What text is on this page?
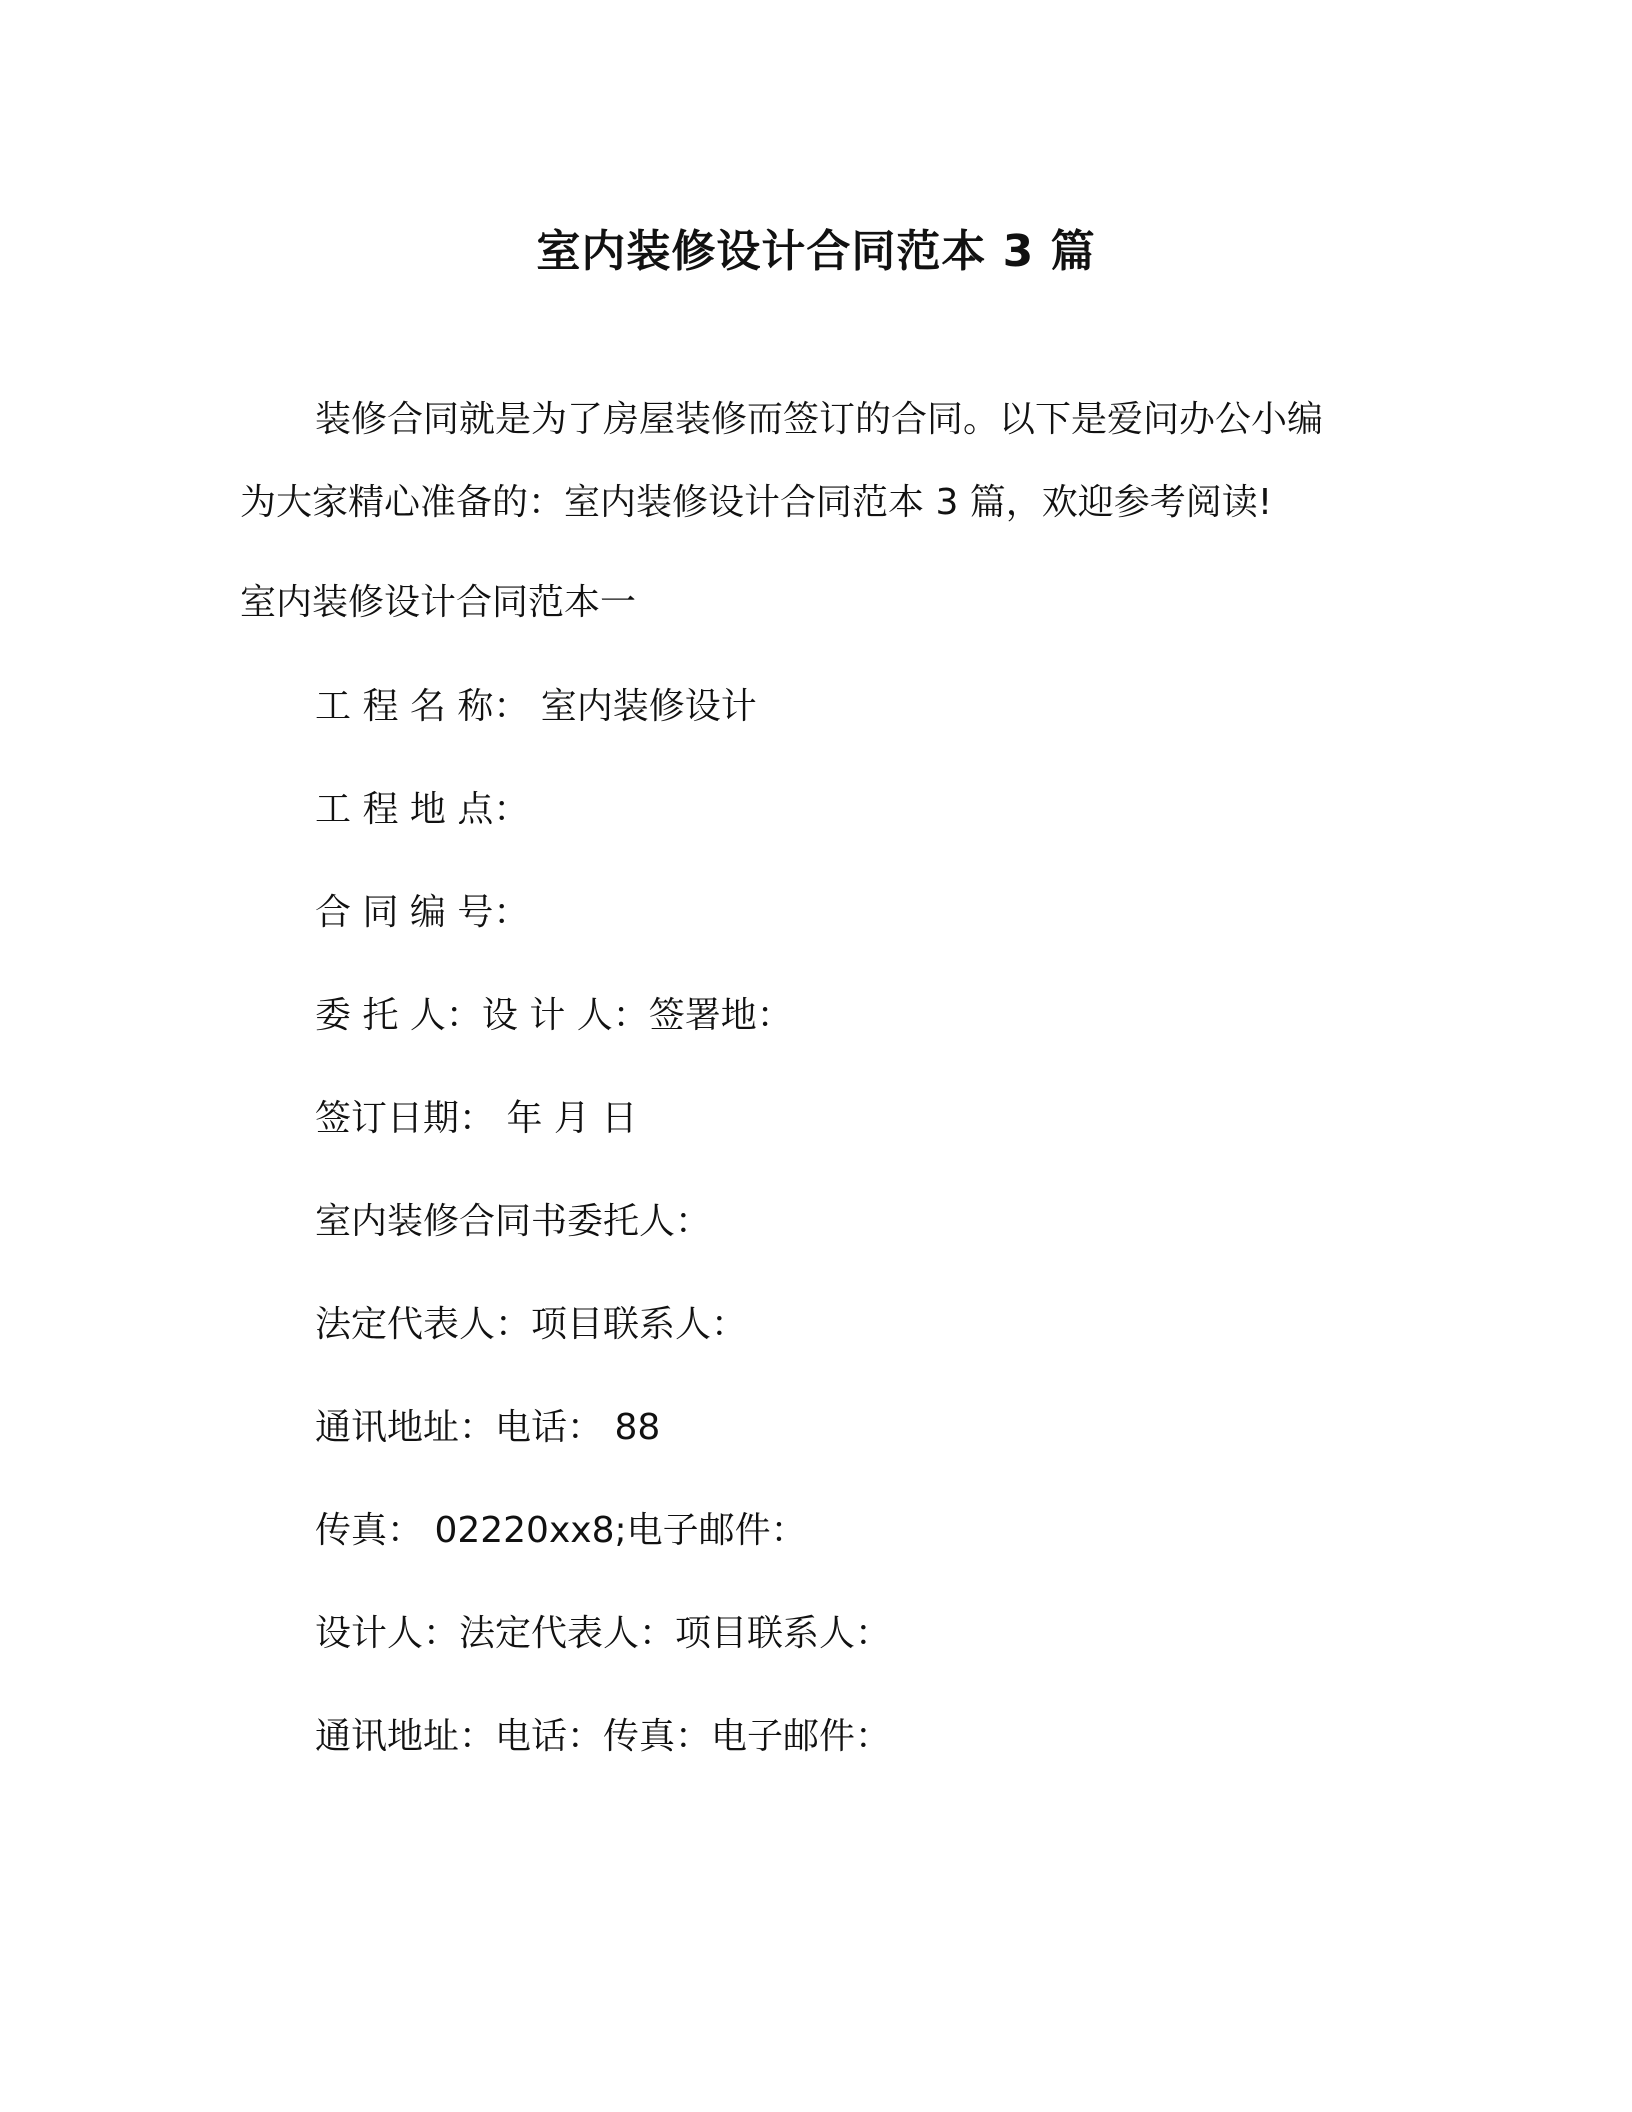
室内装修设计合同范本 3 篇

装修合同就是为了房屋装修而签订的合同。以下是爱问办公小编

为大家精心准备的：室内装修设计合同范本 3 篇，欢迎参考阅读!

室内装修设计合同范本一

工 程 名 称： 室内装修设计

工 程 地 点：

合 同 编 号：

委 托 人：设 计 人：签署地：

签订日期： 年 月 日

室内装修合同书委托人：

法定代表人：项目联系人：

通讯地址：电话： 88

传真： 02220xx8;电子邮件：

设计人：法定代表人：项目联系人：

通讯地址：电话：传真：电子邮件：
